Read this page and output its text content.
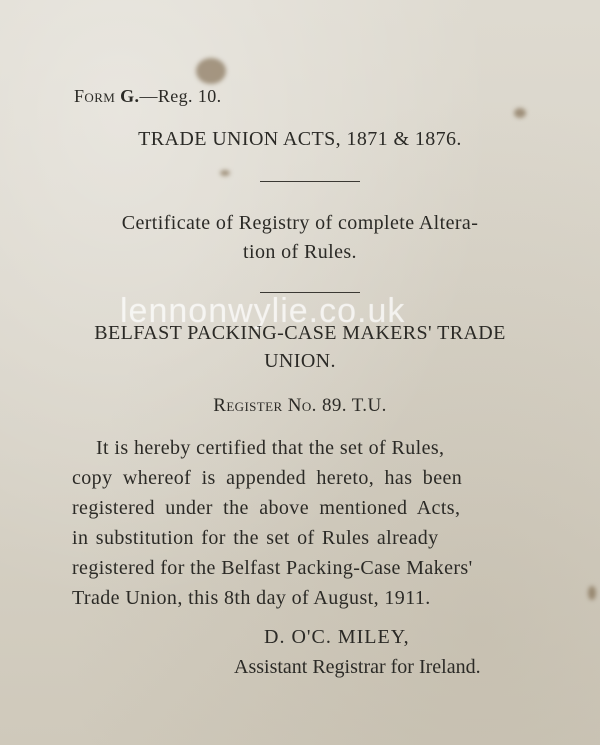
Form G.—Reg. 10.
TRADE UNION ACTS, 1871 & 1876.
Certificate of Registry of complete Altera-
tion of Rules.
lennonwylie.co.uk
BELFAST PACKING-CASE MAKERS' TRADE
UNION.
Register No. 89. T.U.
It is hereby certified that the set of Rules,
copy whereof is appended hereto, has been
registered under the above mentioned Acts,
in substitution for the set of Rules already
registered for the Belfast Packing-Case Makers'
Trade Union, this 8th day of August, 1911.
D. O'C. MILEY,
Assistant Registrar for Ireland.
